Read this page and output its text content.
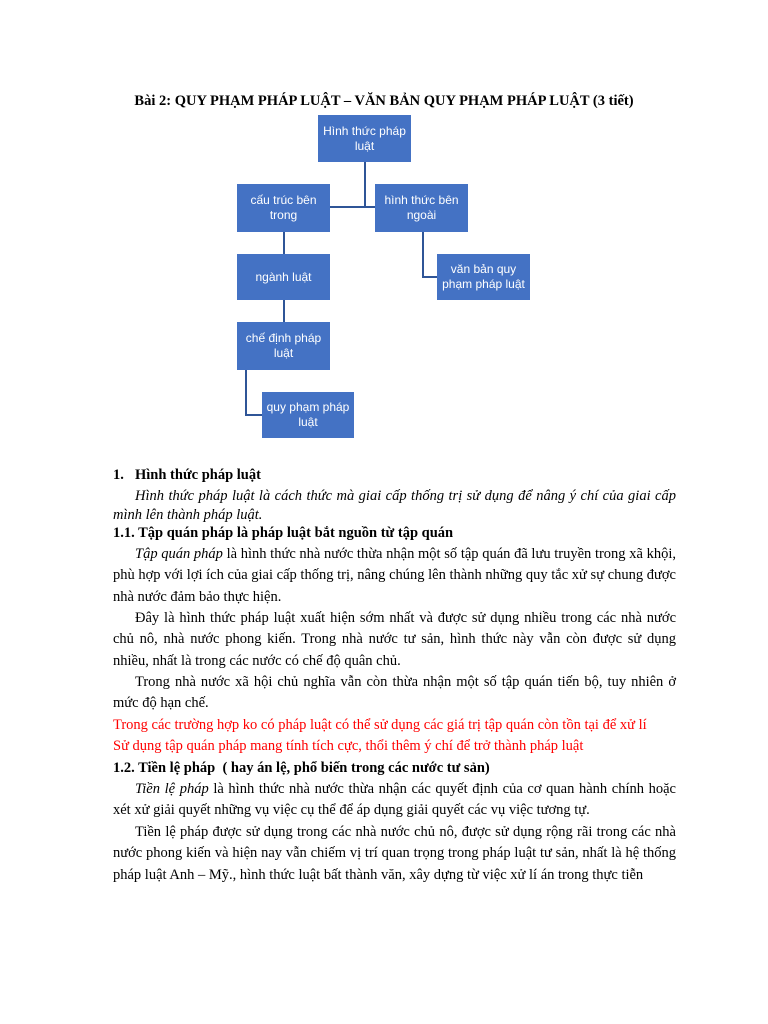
Bài 2: QUY PHẠM PHÁP LUẬT – VĂN BẢN QUY PHẠM PHÁP LUẬT (3 tiết)
Hình thức pháp luật
cấu trúc bên trong
hình thức bên ngoài
ngành luật
văn bản quy phạm pháp luật
chế định pháp luật
quy phạm pháp luật
1. Hình thức pháp luật
Hình thức pháp luật là cách thức mà giai cấp thống trị sử dụng để nâng ý chí của giai cấp mình lên thành pháp luật.
1.1. Tập quán pháp là pháp luật bắt nguồn từ tập quán
Tập quán pháp là hình thức nhà nước thừa nhận một số tập quán đã lưu truyền trong xã khội, phù hợp với lợi ích của giai cấp thống trị, nâng chúng lên thành những quy tắc xử sự chung được nhà nước đảm bảo thực hiện.
Đây là hình thức pháp luật xuất hiện sớm nhất và được sử dụng nhiều trong các nhà nước chủ nô, nhà nước phong kiến. Trong nhà nước tư sản, hình thức này vẫn còn được sử dụng nhiều, nhất là trong các nước có chế độ quân chủ.
Trong nhà nước xã hội chủ nghĩa vẫn còn thừa nhận một số tập quán tiến bộ, tuy nhiên ở mức độ hạn chế.
Trong các trường hợp ko có pháp luật có thể sử dụng các giá trị tập quán còn tồn tại để xử lí
Sử dụng tập quán pháp mang tính tích cực, thổi thêm ý chí để trở thành pháp luật
1.2. Tiền lệ pháp  ( hay án lệ, phổ biến trong các nước tư sản)
Tiền lệ pháp là hình thức nhà nước thừa nhận các quyết định của cơ quan hành chính hoặc xét xử giải quyết những vụ việc cụ thể để áp dụng giải quyết các vụ việc tương tự.
Tiền lệ pháp được sử dụng trong các nhà nước chủ nô, được sử dụng rộng rãi trong các nhà nước phong kiến và hiện nay vẫn chiếm vị trí quan trọng trong pháp luật tư sản, nhất là hệ thống pháp luật Anh – Mỹ., hình thức luật bất thành văn, xây dựng từ việc xử lí án trong thực tiễn
